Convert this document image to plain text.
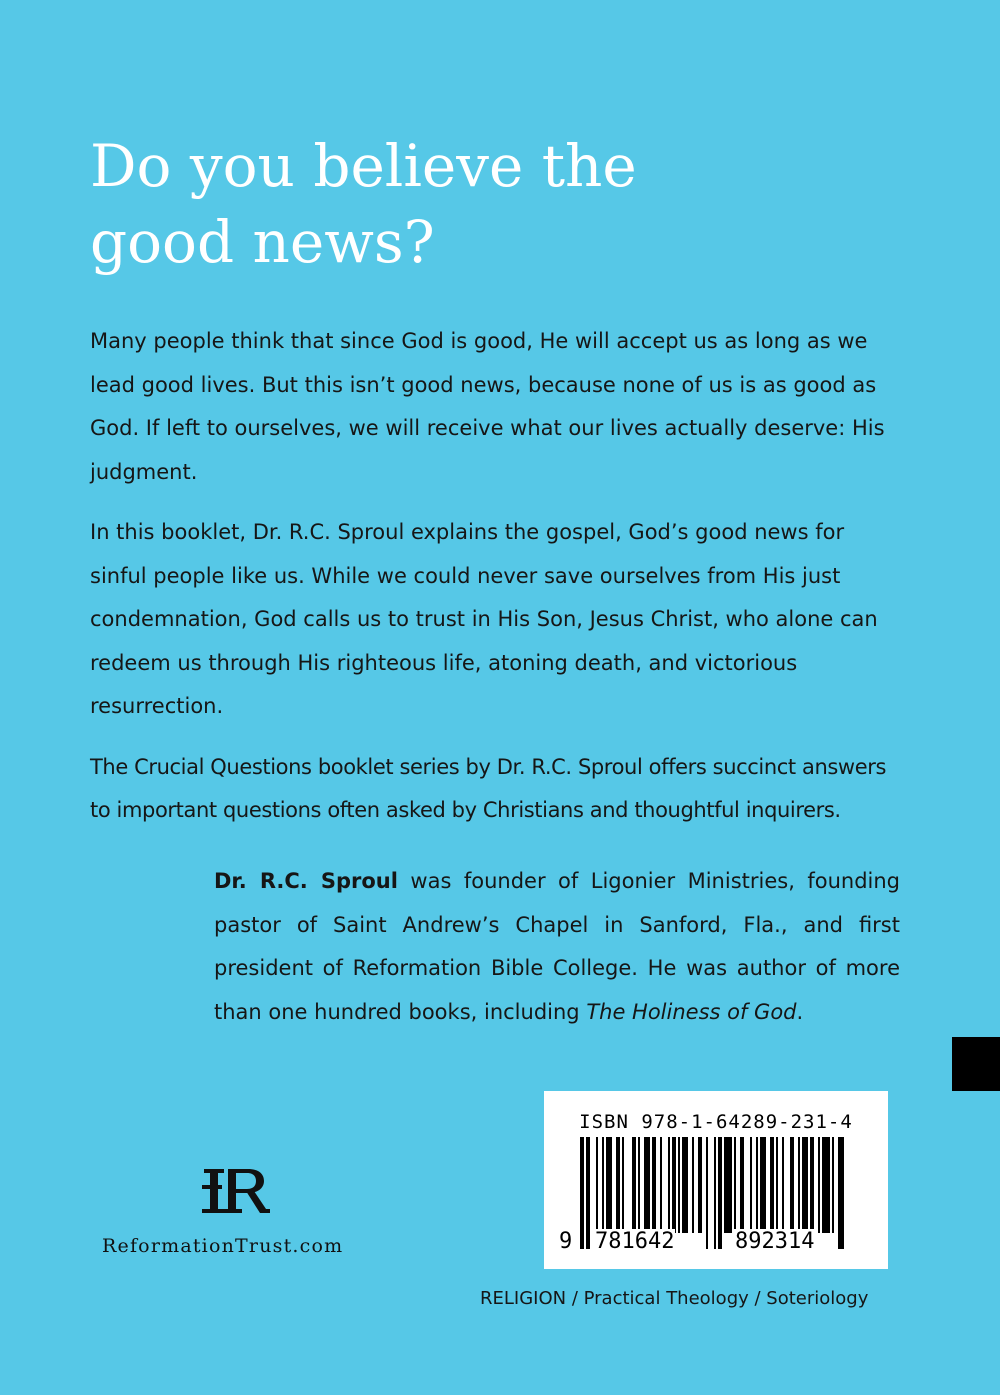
Do you believe the
good news?

Many people think that since God is good, He will accept us as long as we lead good lives. But this isn’t good news, because none of us is as good as God. If left to ourselves, we will receive what our lives actually deserve: His judgment.

In this booklet, Dr. R.C. Sproul explains the gospel, God’s good news for sinful people like us. While we could never save ourselves from His just condemnation, God calls us to trust in His Son, Jesus Christ, who alone can redeem us through His righteous life, atoning death, and victorious resurrection.

The Crucial Questions booklet series by Dr. R.C. Sproul offers succinct answers to important questions often asked by Christians and thoughtful inquirers.

Dr. R.C. Sproul was founder of Ligonier Ministries, founding pastor of Saint Andrew’s Chapel in Sanford, Fla., and first president of Reformation Bible College. He was author of more than one hundred books, including The Holiness of God.
ReformationTrust.com
ISBN 978-1-64289-231-4
9 781642	892314
RELIGION / Practical Theology / Soteriology
